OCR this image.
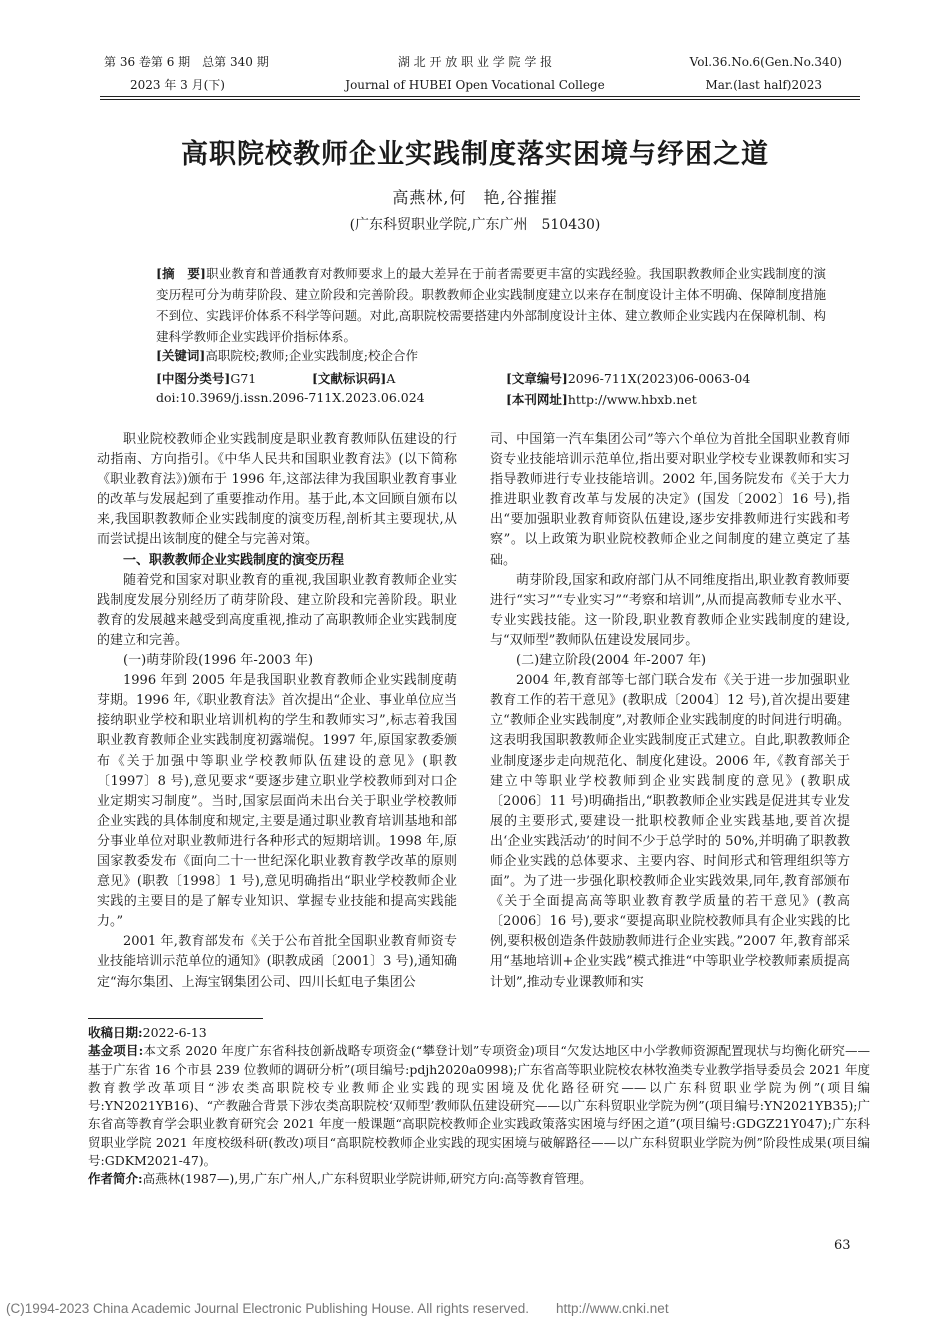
第 36 卷第 6 期　总第 340 期
2023 年 3 月(下)
湖 北 开 放 职 业 学 院 学 报
Journal of HUBEI Open Vocational College
Vol.36.No.6(Gen.No.340)
Mar.(last half)2023
高职院校教师企业实践制度落实困境与纾困之道
高燕林,何　艳,谷摧摧
(广东科贸职业学院,广东广州　510430)
[摘　要]职业教育和普通教育对教师要求上的最大差异在于前者需要更丰富的实践经验。我国职教教师企业实践制度的演变历程可分为萌芽阶段、建立阶段和完善阶段。职教教师企业实践制度建立以来存在制度设计主体不明确、保障制度措施不到位、实践评价体系不科学等问题。对此,高职院校需要搭建内外部制度设计主体、建立教师企业实践内在保障机制、构建科学教师企业实践评价指标体系。
[关键词]高职院校;教师;企业实践制度;校企合作
[中图分类号]G71	[文献标识码]A	[文章编号]2096-711X(2023)06-0063-04
doi:10.3969/j.issn.2096-711X.2023.06.024	[本刊网址]http://www.hbxb.net

职业院校教师企业实践制度是职业教育教师队伍建设的行动指南、方向指引。《中华人民共和国职业教育法》(以下简称《职业教育法》)颁布于 1996 年,这部法律为我国职业教育事业的改革与发展起到了重要推动作用。基于此,本文回顾自颁布以来,我国职教教师企业实践制度的演变历程,剖析其主要现状,从而尝试提出该制度的健全与完善对策。

一、职教教师企业实践制度的演变历程

随着党和国家对职业教育的重视,我国职业教育教师企业实践制度发展分别经历了萌芽阶段、建立阶段和完善阶段。职业教育的发展越来越受到高度重视,推动了高职教师企业实践制度的建立和完善。

(一)萌芽阶段(1996 年-2003 年)

1996 年到 2005 年是我国职业教育教师企业实践制度萌芽期。1996 年,《职业教育法》首次提出“企业、事业单位应当接纳职业学校和职业培训机构的学生和教师实习”,标志着我国职业教育教师企业实践制度初露端倪。1997 年,原国家教委颁布《关于加强中等职业学校教师队伍建设的意见》(职教〔1997〕8 号),意见要求“要逐步建立职业学校教师到对口企业定期实习制度”。当时,国家层面尚未出台关于职业学校教师企业实践的具体制度和规定,主要是通过职业教育培训基地和部分事业单位对职业教师进行各种形式的短期培训。1998 年,原国家教委发布《面向二十一世纪深化职业教育教学改革的原则意见》(职教〔1998〕1 号),意见明确指出“职业学校教师企业实践的主要目的是了解专业知识、掌握专业技能和提高实践能力。”

2001 年,教育部发布《关于公布首批全国职业教育师资专业技能培训示范单位的通知》(职教成函〔2001〕3 号),通知确定“海尔集团、上海宝钢集团公司、四川长虹电子集团公

司、中国第一汽车集团公司”等六个单位为首批全国职业教育师资专业技能培训示范单位,指出要对职业学校专业课教师和实习指导教师进行专业技能培训。2002 年,国务院发布《关于大力推进职业教育改革与发展的决定》(国发〔2002〕16 号),指出“要加强职业教育师资队伍建设,逐步安排教师进行实践和考察”。以上政策为职业院校教师企业之间制度的建立奠定了基础。

萌芽阶段,国家和政府部门从不同维度指出,职业教育教师要进行“实习”“专业实习”“考察和培训”,从而提高教师专业水平、专业实践技能。这一阶段,职业教育教师企业实践制度的建设,与“双师型”教师队伍建设发展同步。

(二)建立阶段(2004 年-2007 年)

2004 年,教育部等七部门联合发布《关于进一步加强职业教育工作的若干意见》(教职成〔2004〕12 号),首次提出要建立“教师企业实践制度”,对教师企业实践制度的时间进行明确。这表明我国职教教师企业实践制度正式建立。自此,职教教师企业制度逐步走向规范化、制度化建设。2006 年,《教育部关于建立中等职业学校教师到企业实践制度的意见》(教职成〔2006〕11 号)明确指出,“职教教师企业实践是促进其专业发展的主要形式,要建设一批职校教师企业实践基地,要首次提出‘企业实践活动’的时间不少于总学时的 50%,并明确了职教教师企业实践的总体要求、主要内容、时间形式和管理组织等方面”。为了进一步强化职校教师企业实践效果,同年,教育部颁布《关于全面提高高等职业教育教学质量的若干意见》(教高〔2006〕16 号),要求“要提高职业院校教师具有企业实践的比例,要积极创造条件鼓励教师进行企业实践。”2007 年,教育部采用“基地培训+企业实践”模式推进“中等职业学校教师素质提高计划”,推动专业课教师和实

收稿日期:2022-6-13

基金项目:本文系 2020 年度广东省科技创新战略专项资金(“攀登计划”专项资金)项目“欠发达地区中小学教师资源配置现状与均衡化研究——基于广东省 16 个市县 239 位教师的调研分析”(项目编号:pdjh2020a0998);广东省高等职业院校农林牧渔类专业教学指导委员会 2021 年度教育教学改革项目“涉农类高职院校专业教师企业实践的现实困境及优化路径研究——以广东科贸职业学院为例”(项目编号:YN2021YB16)、“产教融合背景下涉农类高职院校‘双师型’教师队伍建设研究——以广东科贸职业学院为例”(项目编号:YN2021YB35);广东省高等教育学会职业教育研究会 2021 年度一般课题“高职院校教师企业实践政策落实困境与纾困之道”(项目编号:GDGZ21Y047);广东科贸职业学院 2021 年度校级科研(教改)项目“高职院校教师企业实践的现实困境与破解路径——以广东科贸职业学院为例”阶段性成果(项目编号:GDKM2021-47)。

作者简介:高燕林(1987—),男,广东广州人,广东科贸职业学院讲师,研究方向:高等教育管理。

63
(C)1994-2023 China Academic Journal Electronic Publishing House. All rights reserved.　　http://www.cnki.net
